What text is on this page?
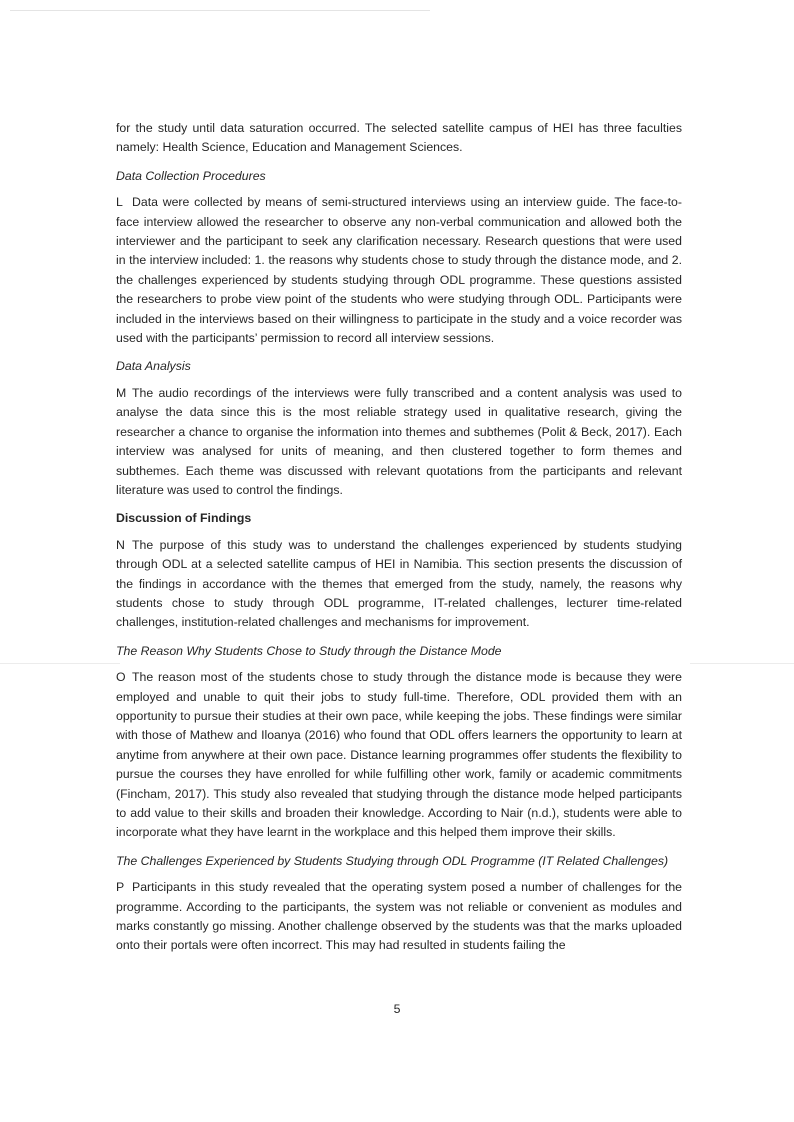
for the study until data saturation occurred. The selected satellite campus of HEI has three faculties namely: Health Science, Education and Management Sciences.

Data Collection Procedures

L Data were collected by means of semi-structured interviews using an interview guide. The face-to-face interview allowed the researcher to observe any non-verbal communication and allowed both the interviewer and the participant to seek any clarification necessary. Research questions that were used in the interview included: 1. the reasons why students chose to study through the distance mode, and 2. the challenges experienced by students studying through ODL programme. These questions assisted the researchers to probe view point of the students who were studying through ODL. Participants were included in the interviews based on their willingness to participate in the study and a voice recorder was used with the participants’ permission to record all interview sessions.

Data Analysis

M The audio recordings of the interviews were fully transcribed and a content analysis was used to analyse the data since this is the most reliable strategy used in qualitative research, giving the researcher a chance to organise the information into themes and subthemes (Polit & Beck, 2017). Each interview was analysed for units of meaning, and then clustered together to form themes and subthemes. Each theme was discussed with relevant quotations from the participants and relevant literature was used to control the findings.

Discussion of Findings

N The purpose of this study was to understand the challenges experienced by students studying through ODL at a selected satellite campus of HEI in Namibia. This section presents the discussion of the findings in accordance with the themes that emerged from the study, namely, the reasons why students chose to study through ODL programme, IT-related challenges, lecturer time-related challenges, institution-related challenges and mechanisms for improvement.

The Reason Why Students Chose to Study through the Distance Mode

O The reason most of the students chose to study through the distance mode is because they were employed and unable to quit their jobs to study full-time. Therefore, ODL provided them with an opportunity to pursue their studies at their own pace, while keeping the jobs. These findings were similar with those of Mathew and Iloanya (2016) who found that ODL offers learners the opportunity to learn at anytime from anywhere at their own pace. Distance learning programmes offer students the flexibility to pursue the courses they have enrolled for while fulfilling other work, family or academic commitments (Fincham, 2017). This study also revealed that studying through the distance mode helped participants to add value to their skills and broaden their knowledge. According to Nair (n.d.), students were able to incorporate what they have learnt in the workplace and this helped them improve their skills.

The Challenges Experienced by Students Studying through ODL Programme (IT Related Challenges)

P Participants in this study revealed that the operating system posed a number of challenges for the programme. According to the participants, the system was not reliable or convenient as modules and marks constantly go missing. Another challenge observed by the students was that the marks uploaded onto their portals were often incorrect. This may had resulted in students failing the

5
